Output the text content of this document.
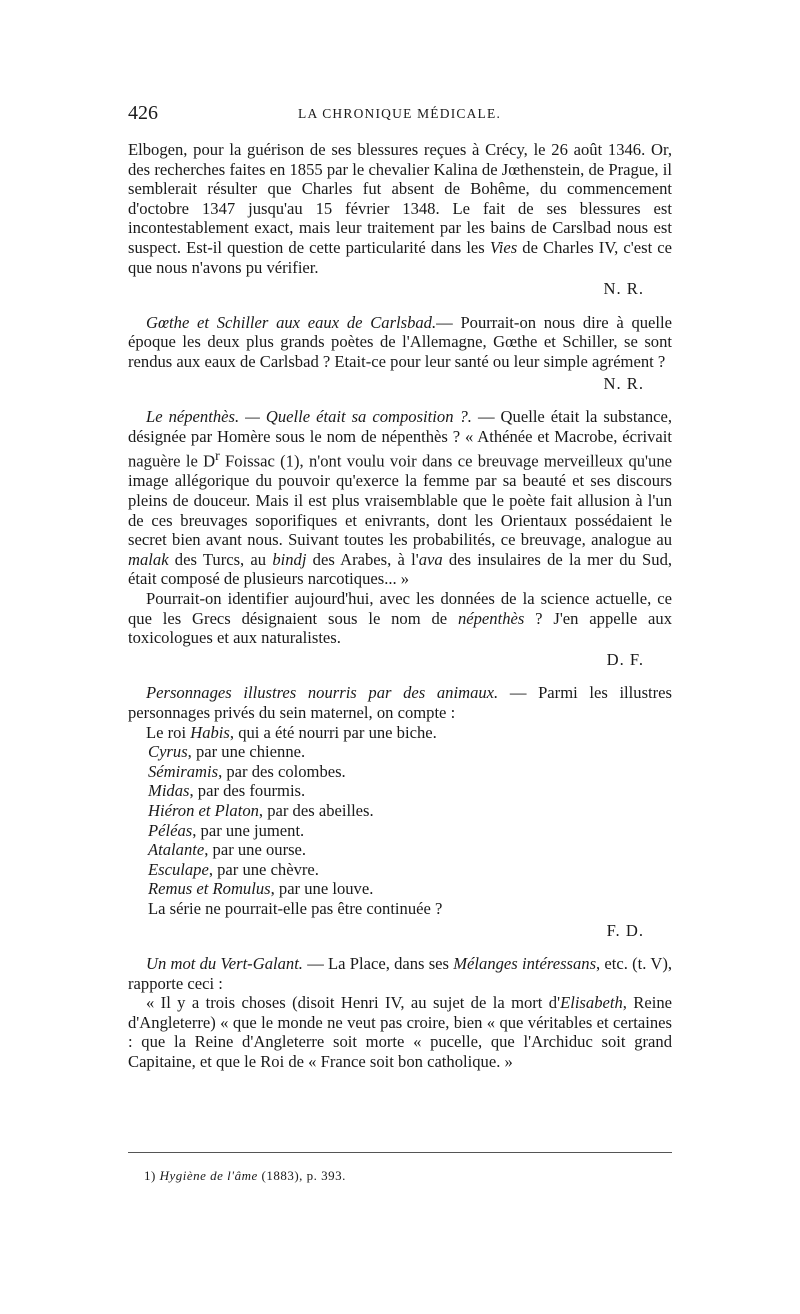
426	LA CHRONIQUE MÉDICALE.

Elbogen, pour la guérison de ses blessures reçues à Crécy, le 26 août 1346. Or, des recherches faites en 1855 par le chevalier Kalina de Jœthenstein, de Prague, il semblerait résulter que Charles fut absent de Bohême, du commencement d'octobre 1347 jusqu'au 15 février 1348. Le fait de ses blessures est incontestablement exact, mais leur traitement par les bains de Carslbad nous est suspect. Est-il question de cette particularité dans les Vies de Charles IV, c'est ce que nous n'avons pu vérifier.

N. R.

Gœthe et Schiller aux eaux de Carlsbad.— Pourrait-on nous dire à quelle époque les deux plus grands poètes de l'Allemagne, Gœthe et Schiller, se sont rendus aux eaux de Carlsbad ? Etait-ce pour leur santé ou leur simple agrément ?

N. R.

Le népenthès. — Quelle était sa composition ?. — Quelle était la substance, désignée par Homère sous le nom de népenthès ? « Athénée et Macrobe, écrivait naguère le $D^r$ Foissac (1), n'ont voulu voir dans ce breuvage merveilleux qu'une image allégorique du pouvoir qu'exerce la femme par sa beauté et ses discours pleins de douceur. Mais il est plus vraisemblable que le poète fait allusion à l'un de ces breuvages soporifiques et enivrants, dont les Orientaux possédaient le secret bien avant nous. Suivant toutes les probabilités, ce breuvage, analogue au malak des Turcs, au bindj des Arabes, à l'ava des insulaires de la mer du Sud, était composé de plusieurs narcotiques... »

Pourrait-on identifier aujourd'hui, avec les données de la science actuelle, ce que les Grecs désignaient sous le nom de népenthès ? J'en appelle aux toxicologues et aux naturalistes.

D. F.

Personnages illustres nourris par des animaux. — Parmi les illustres personnages privés du sein maternel, on compte :

Le roi Habis, qui a été nourri par une biche.
Cyrus, par une chienne.
Sémiramis, par des colombes.
Midas, par des fourmis.
Hiéron et Platon, par des abeilles.
Péléas, par une jument.
Atalante, par une ourse.
Esculape, par une chèvre.
Remus et Romulus, par une louve.
La série ne pourrait-elle pas être continuée ?

F. D.

Un mot du Vert-Galant. — La Place, dans ses Mélanges intéressans, etc. (t. V), rapporte ceci :

« Il y a trois choses (disoit Henri IV, au sujet de la mort d'Elisabeth, Reine d'Angleterre) « que le monde ne veut pas croire, bien « que véritables et certaines : que la Reine d'Angleterre soit morte « pucelle, que l'Archiduc soit grand Capitaine, et que le Roi de « France soit bon catholique. »

1) Hygiène de l'âme (1883), p. 393.
